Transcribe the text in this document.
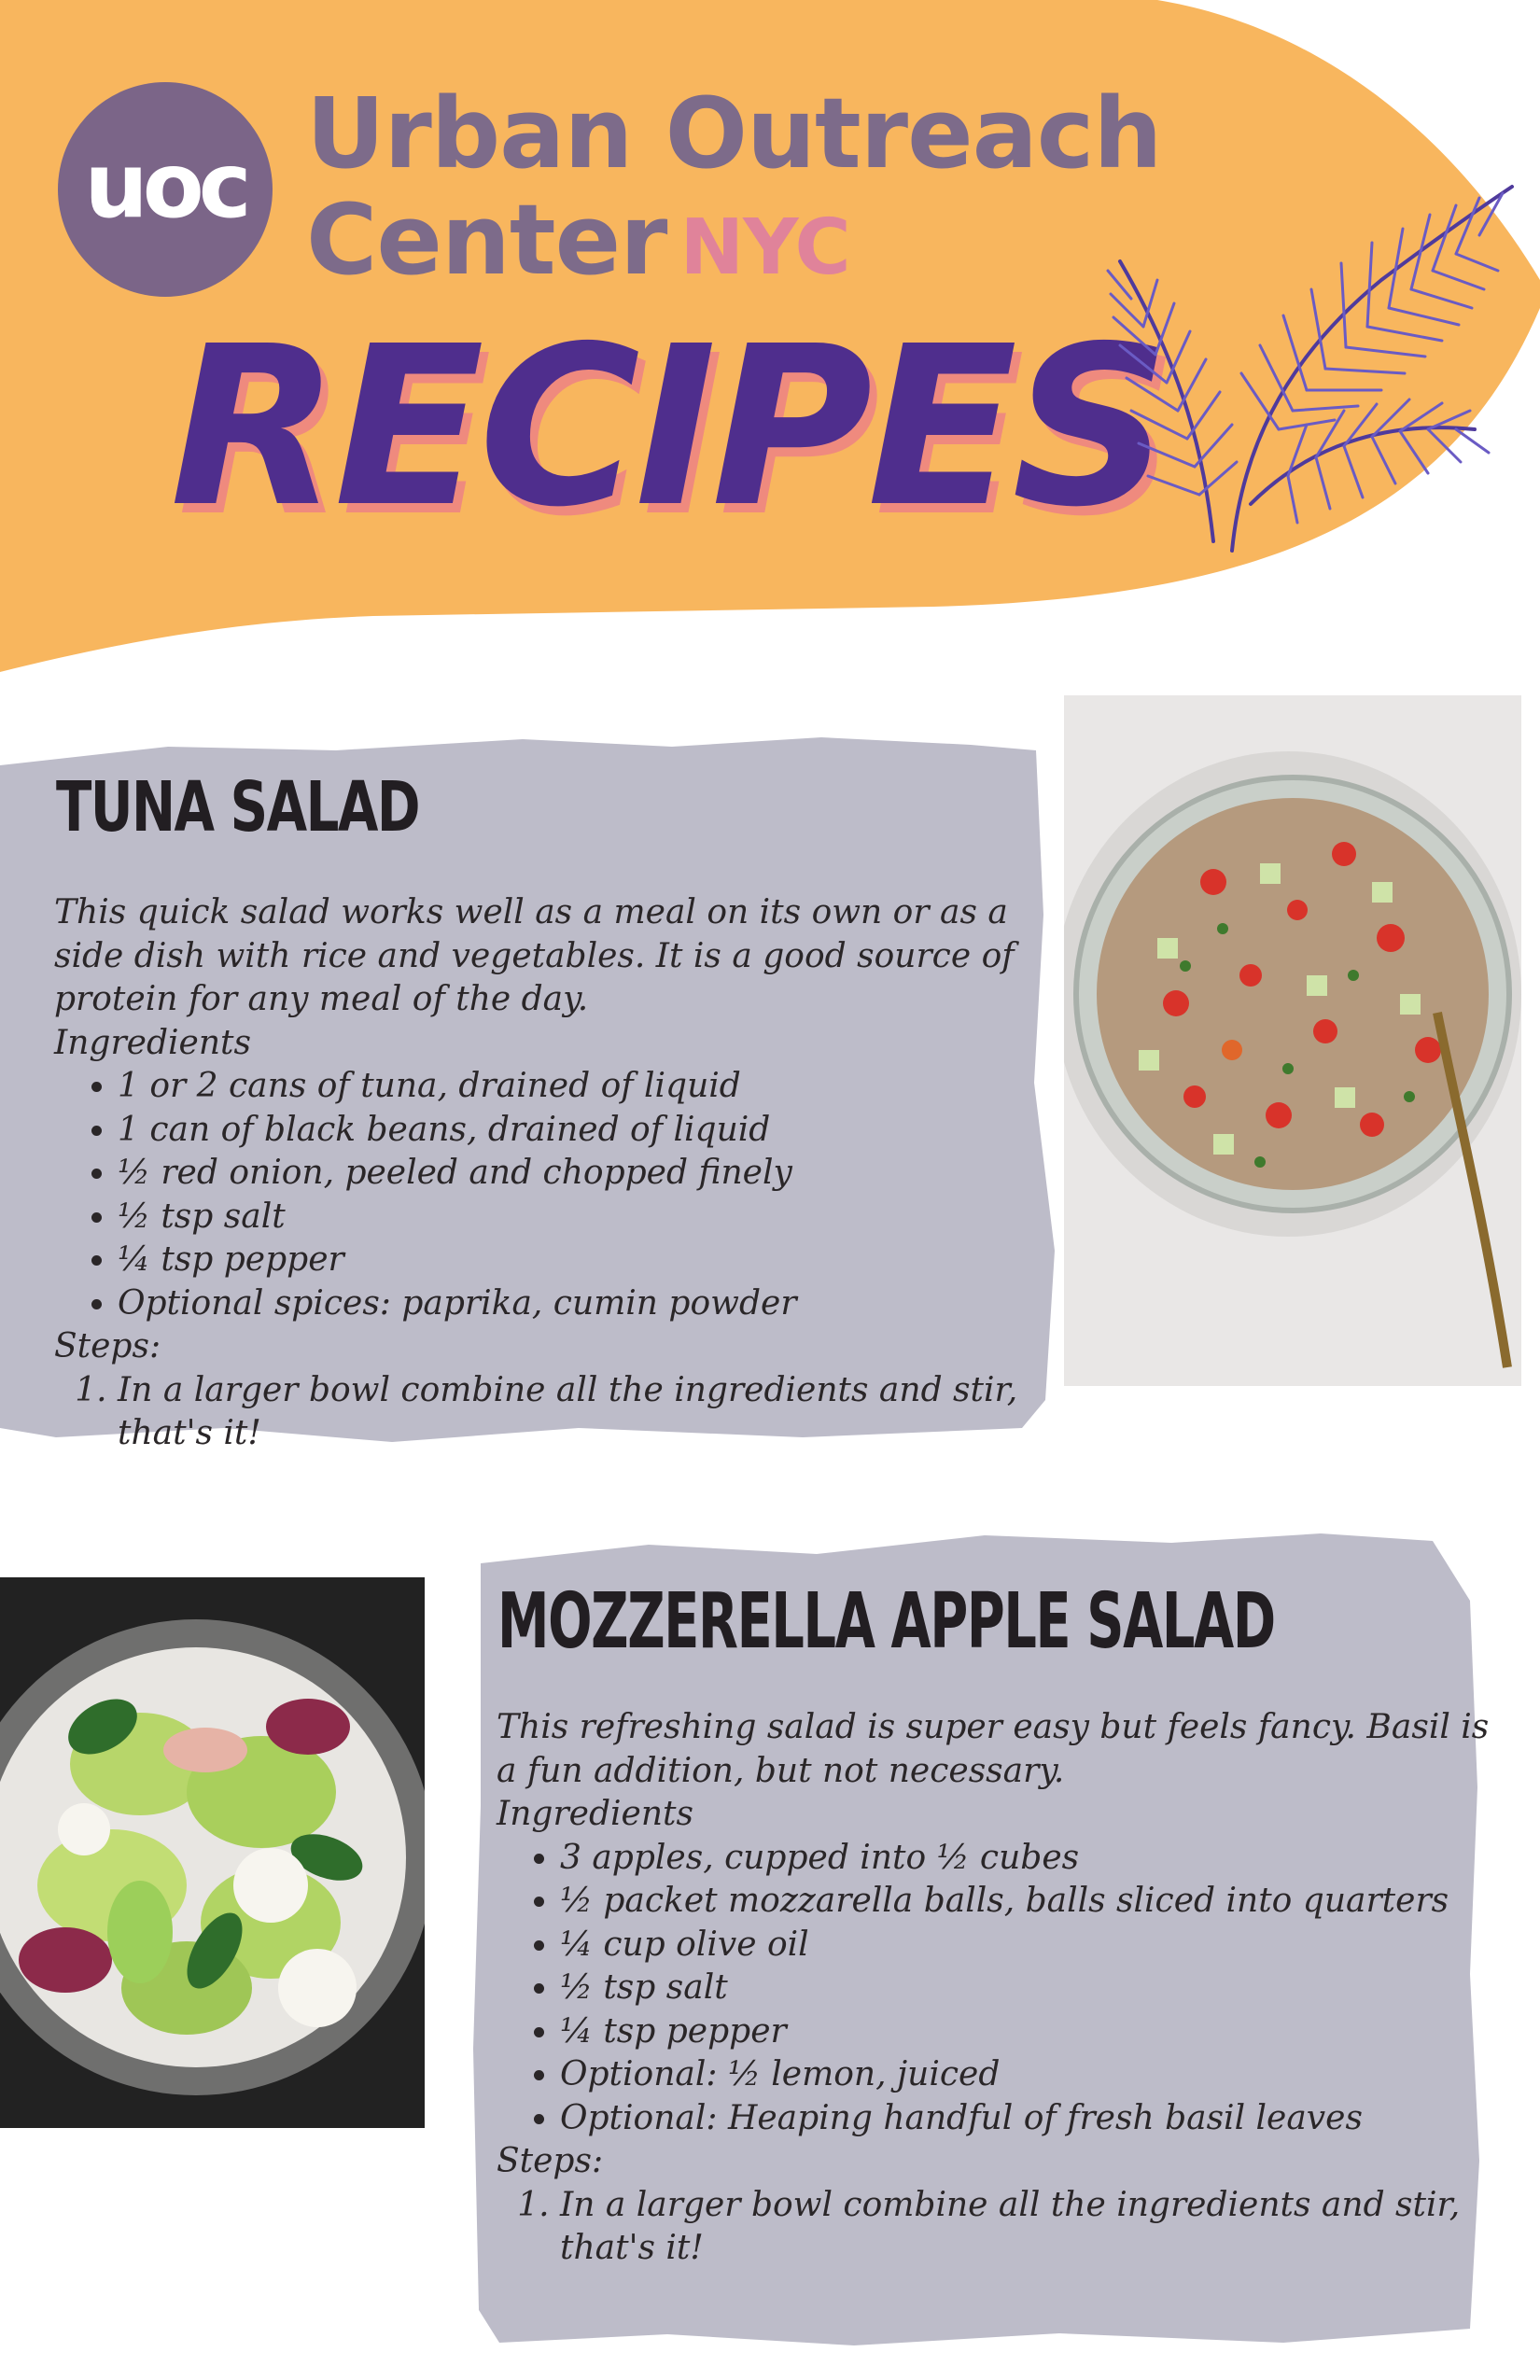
uoc Urban Outreach
Center NYC
RECIPES
TUNA SALAD

This quick salad works well as a meal on its own or as a side dish with rice and vegetables. It is a good source of protein for any meal of the day.

Ingredients
• 1 or 2 cans of tuna, drained of liquid
• 1 can of black beans, drained of liquid
• ½ red onion, peeled and chopped finely
• ½ tsp salt
• ¼ tsp pepper
• Optional spices: paprika, cumin powder
Steps:
1. In a larger bowl combine all the ingredients and stir, that's it!
MOZZERELLA APPLE SALAD

This refreshing salad is super easy but feels fancy. Basil is a fun addition, but not necessary.

Ingredients
• 3 apples, cupped into ½ cubes
• ½ packet mozzarella balls, balls sliced into quarters
• ¼ cup olive oil
• ½ tsp salt
• ¼ tsp pepper
• Optional: ½ lemon, juiced
• Optional: Heaping handful of fresh basil leaves
Steps:
1. In a larger bowl combine all the ingredients and stir, that's it!
